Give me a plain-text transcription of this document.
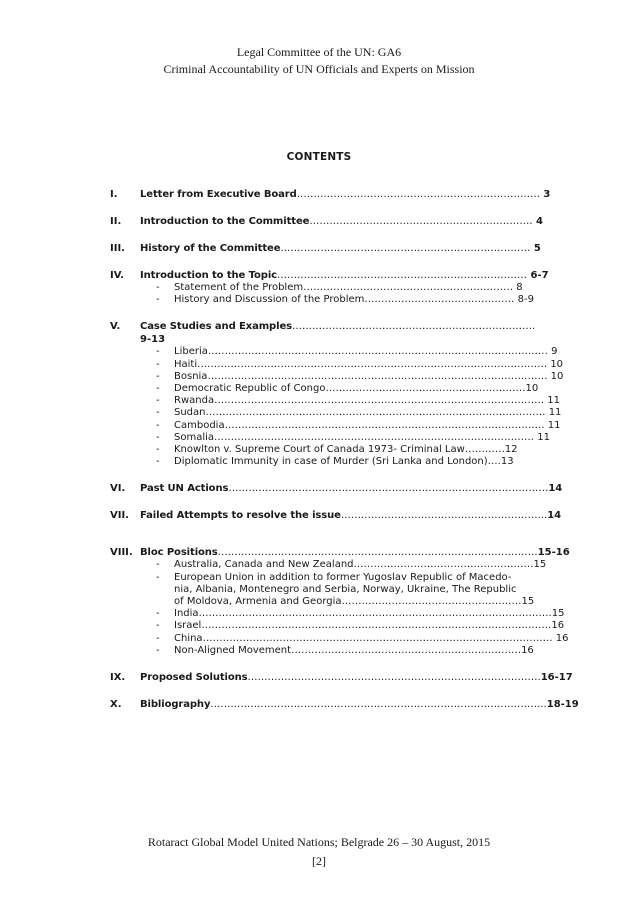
Legal Committee of the UN: GA6
Criminal Accountability of UN Officials and Experts on Mission
CONTENTS
I. Letter from Executive Board………………………………………………………………. 3
II. Introduction to the Committee…………………………………………………………. 4
III. History of the Committee………………………………………………………………… 5
IV. Introduction to the Topic………………………………………………………………… 6-7
- Statement of the Problem……………………………………………………… 8
- History and Discussion of the Problem……………………………………… 8-9
V. Case Studies and Examples……………………………………………………………….
9-13
- Liberia………………………………………………………………………………………… 9
- Haiti…………………………………………………………………………………………… 10
- Bosnia………………………………………………………………………………………… 10
- Democratic Republic of Congo……………………………………………………10
- Rwanda……………………………………………………………………………………… 11
- Sudan………………………………………………………………………………………… 11
- Cambodia…………………………………………………………………………………… 11
- Somalia…………………………………………………………………………………… 11
- Knowlton v. Supreme Court of Canada 1973- Criminal Law…………12
- Diplomatic Immunity in case of Murder (Sri Lanka and London)….13
VI. Past UN Actions……………………………………………………………………………………14
VII. Failed Attempts to resolve the issue……………………………………………………..14
VIII. Bloc Positions……………………………………………………………………………………15-16
- Australia, Canada and New Zealand………………………………………………15
- European Union in addition to former Yugoslav Republic of Macedo-
nia, Albania, Montenegro and Serbia, Norway, Ukraine, The Republic
of Moldova, Armenia and Georgia………………………………………………15
- India…………………………………………………………………………………………….15
- Israel……………………………………………………………………………………………16
- China…………………………………………………………………………………………… 16
- Non-Aligned Movement……………………………………………………………16
IX. Proposed Solutions…………………………………………………………………………….16-17
X. Bibliography………………………………………………………………………………………..18-19
Rotaract Global Model United Nations; Belgrade 26 – 30 August, 2015
[2]
